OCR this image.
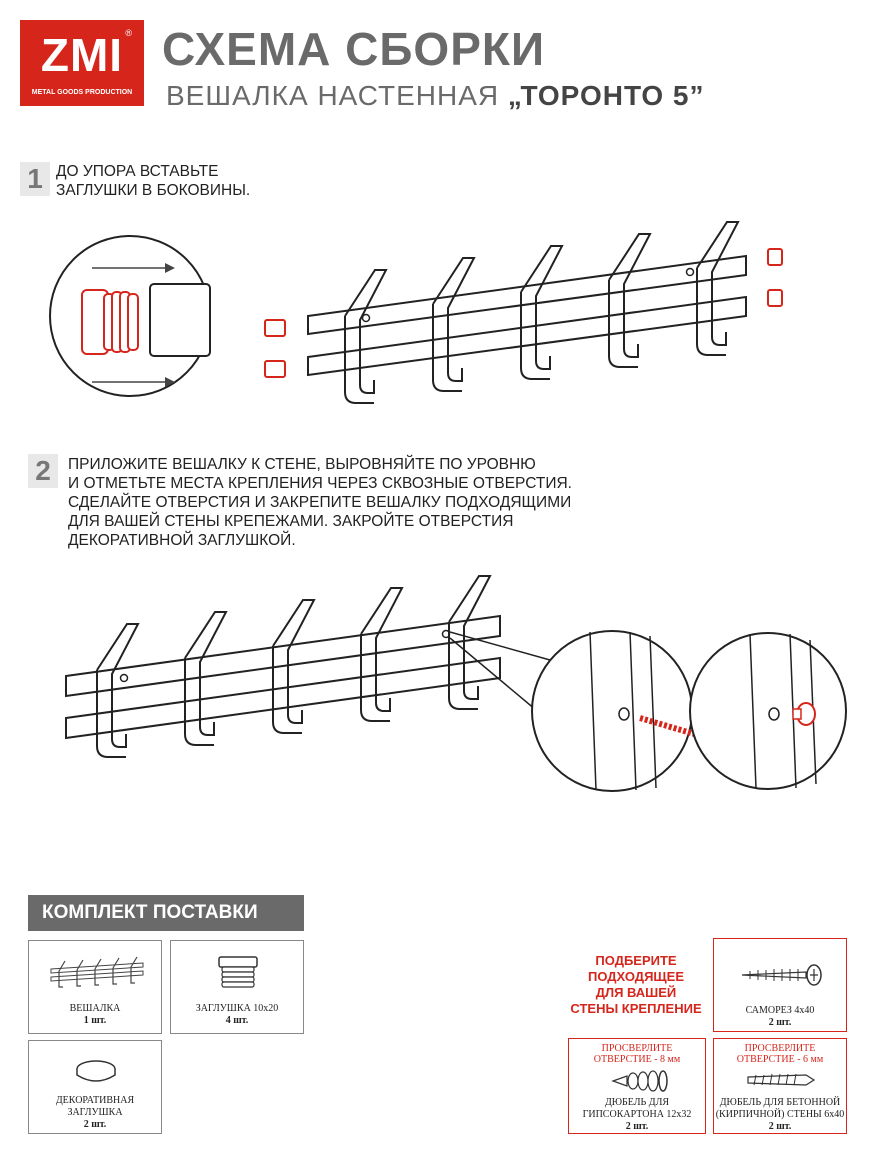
ZMI ®
METAL GOODS PRODUCTION
СХЕМА СБОРКИ
ВЕШАЛКА НАСТЕННАЯ „ТОРОНТО 5”
1 ДО УПОРА ВСТАВЬТЕ
ЗАГЛУШКИ В БОКОВИНЫ.
2	ПРИЛОЖИТЕ ВЕШАЛКУ К СТЕНЕ, ВЫРОВНЯЙТЕ ПО УРОВНЮ
И ОТМЕТЬТЕ МЕСТА КРЕПЛЕНИЯ ЧЕРЕЗ СКВОЗНЫЕ ОТВЕРСТИЯ.
СДЕЛАЙТЕ ОТВЕРСТИЯ И ЗАКРЕПИТЕ ВЕШАЛКУ ПОДХОДЯЩИМИ
ДЛЯ ВАШЕЙ СТЕНЫ КРЕПЕЖАМИ. ЗАКРОЙТЕ ОТВЕРСТИЯ
ДЕКОРАТИВНОЙ ЗАГЛУШКОЙ.
КОМПЛЕКТ ПОСТАВКИ
ВЕШАЛКА
1 шт.
ЗАГЛУШКА 10х20
4 шт.
ДЕКОРАТИВНАЯ
ЗАГЛУШКА
2 шт.
ПОДБЕРИТЕ
ПОДХОДЯЩЕЕ
ДЛЯ ВАШЕЙ
СТЕНЫ КРЕПЛЕНИЕ	САМОРЕЗ 4х40
2 шт.
ПРОСВЕРЛИТЕ
ОТВЕРСТИЕ - 8 мм
ДЮБЕЛЬ ДЛЯ
ГИПСОКАРТОНА 12х32
2 шт.
ПРОСВЕРЛИТЕ
ОТВЕРСТИЕ - 6 мм
ДЮБЕЛЬ ДЛЯ БЕТОННОЙ
(КИРПИЧНОЙ) СТЕНЫ 6х40
2 шт.
